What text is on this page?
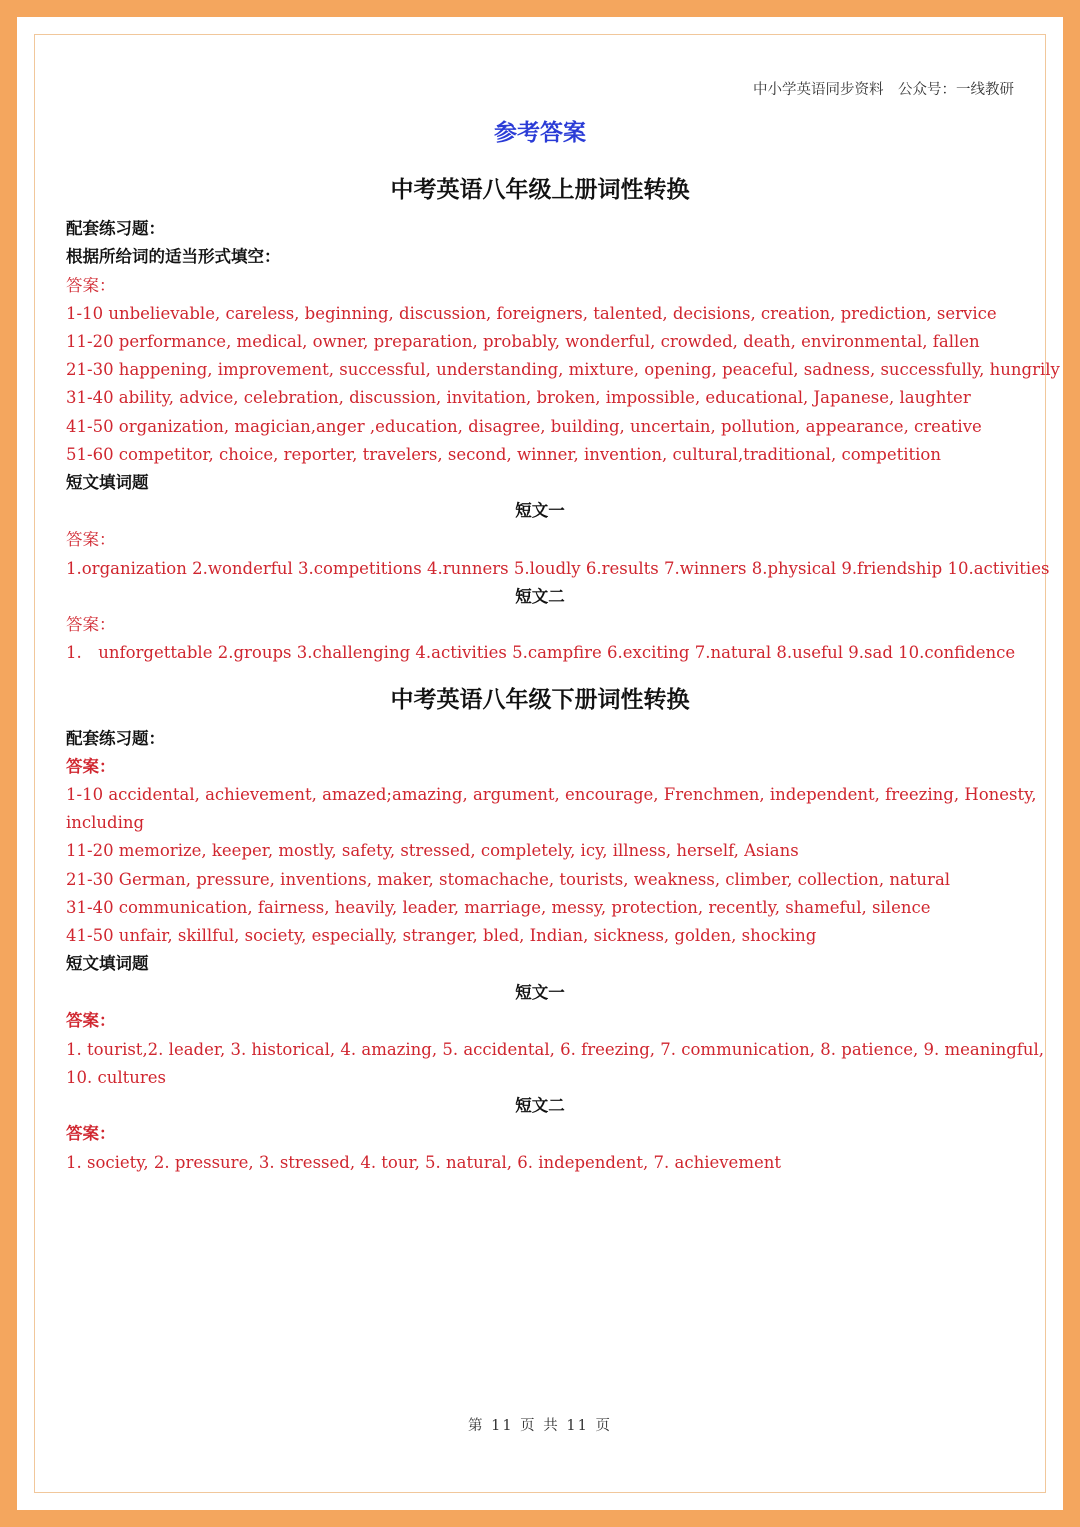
中小学英语同步资料　公众号：一线教研
参考答案
中考英语八年级上册词性转换
配套练习题：
根据所给词的适当形式填空：
答案：
1-10 unbelievable, careless, beginning, discussion, foreigners, talented, decisions, creation, prediction, service
11-20 performance, medical, owner, preparation, probably, wonderful, crowded, death, environmental, fallen
21-30 happening, improvement, successful, understanding, mixture, opening, peaceful, sadness, successfully, hungrily
31-40 ability, advice, celebration, discussion, invitation, broken, impossible, educational, Japanese, laughter
41-50 organization, magician,anger ,education, disagree, building, uncertain, pollution, appearance, creative
51-60 competitor, choice, reporter, travelers, second, winner, invention, cultural,traditional, competition
短文填词题
短文一
答案：
1.organization 2.wonderful 3.competitions 4.runners 5.loudly 6.results 7.winners 8.physical 9.friendship 10.activities
短文二
答案：
1.　unforgettable 2.groups 3.challenging 4.activities 5.campfire 6.exciting 7.natural 8.useful 9.sad 10.confidence
中考英语八年级下册词性转换
配套练习题：
答案：
1-10 accidental, achievement, amazed;amazing, argument, encourage, Frenchmen, independent, freezing, Honesty,
including
11-20 memorize, keeper, mostly, safety, stressed, completely, icy, illness, herself, Asians
21-30 German, pressure, inventions, maker, stomachache, tourists, weakness, climber, collection, natural
31-40 communication, fairness, heavily, leader, marriage, messy, protection, recently, shameful, silence
41-50 unfair, skillful, society, especially, stranger, bled, Indian, sickness, golden, shocking
短文填词题
短文一
答案：
1. tourist,2. leader, 3. historical, 4. amazing, 5. accidental, 6. freezing, 7. communication, 8. patience, 9. meaningful,
10. cultures
短文二
答案：
1. society, 2. pressure, 3. stressed, 4. tour, 5. natural, 6. independent, 7. achievement
第 11 页 共 11 页
